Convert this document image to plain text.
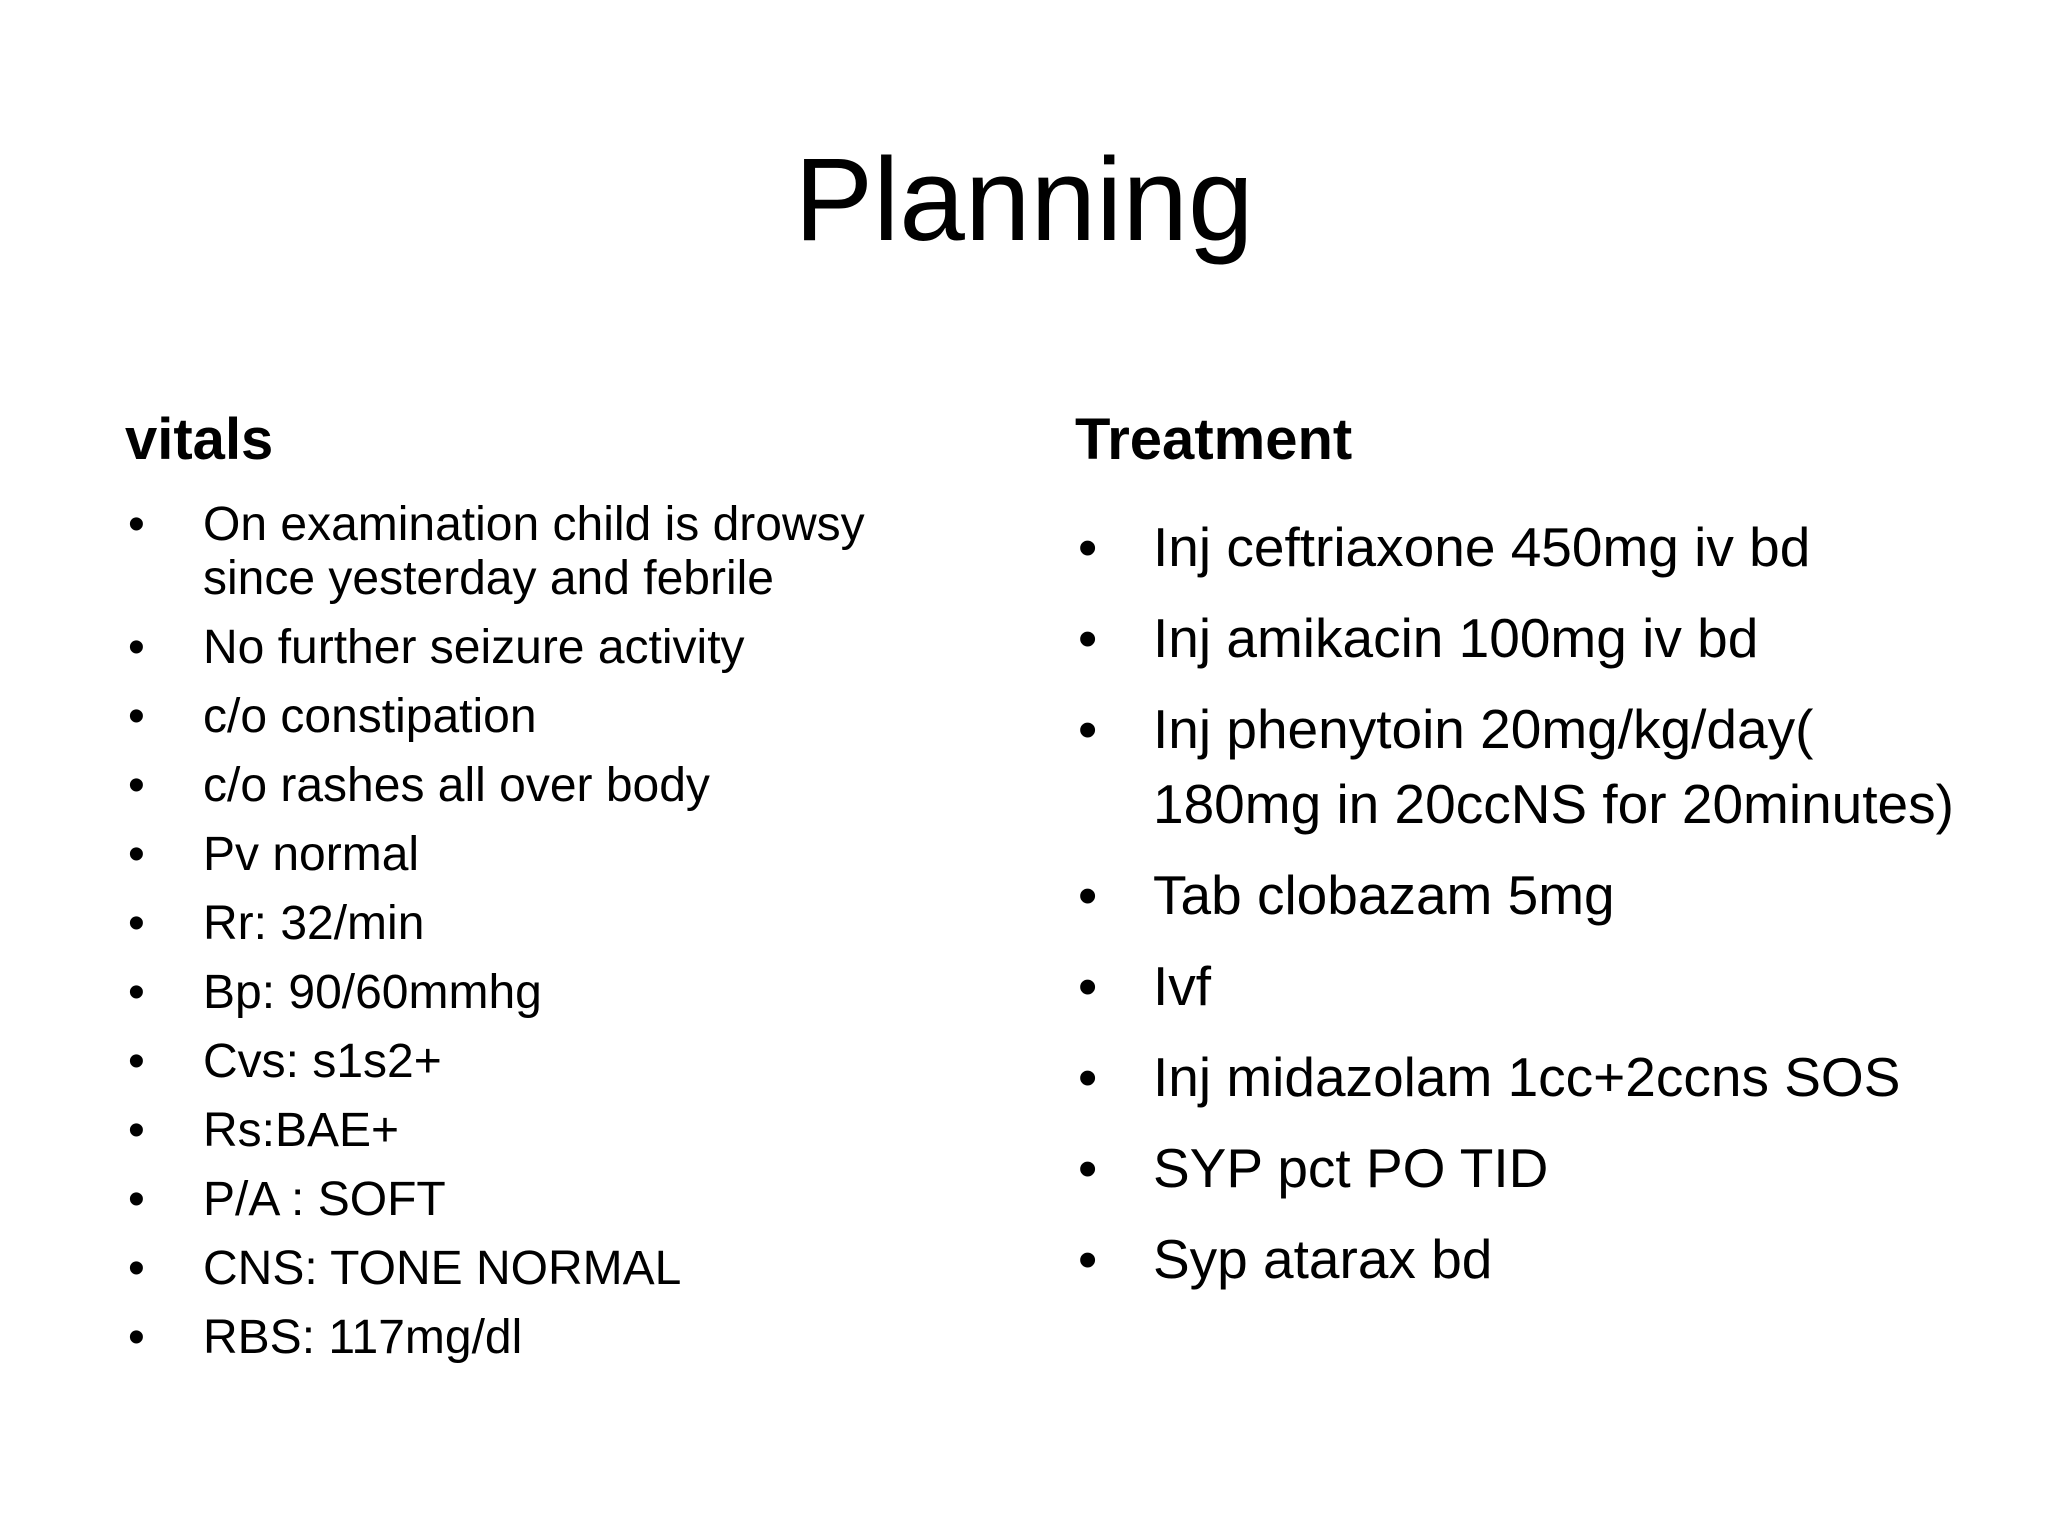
Planning
vitals
• On examination child is drowsy since yesterday and febrile
• No further seizure activity
• c/o constipation
• c/o rashes all over body
• Pv normal
• Rr: 32/min
• Bp: 90/60mmhg
• Cvs: s1s2+
• Rs:BAE+
• P/A : SOFT
• CNS: TONE NORMAL
• RBS: 117mg/dl
Treatment
• Inj ceftriaxone 450mg iv bd
• Inj amikacin 100mg iv bd
• Inj phenytoin 20mg/kg/day( 180mg in 20ccNS for 20minutes)
• Tab clobazam 5mg
• Ivf
• Inj midazolam 1cc+2ccns SOS
• SYP pct PO TID
• Syp atarax bd
